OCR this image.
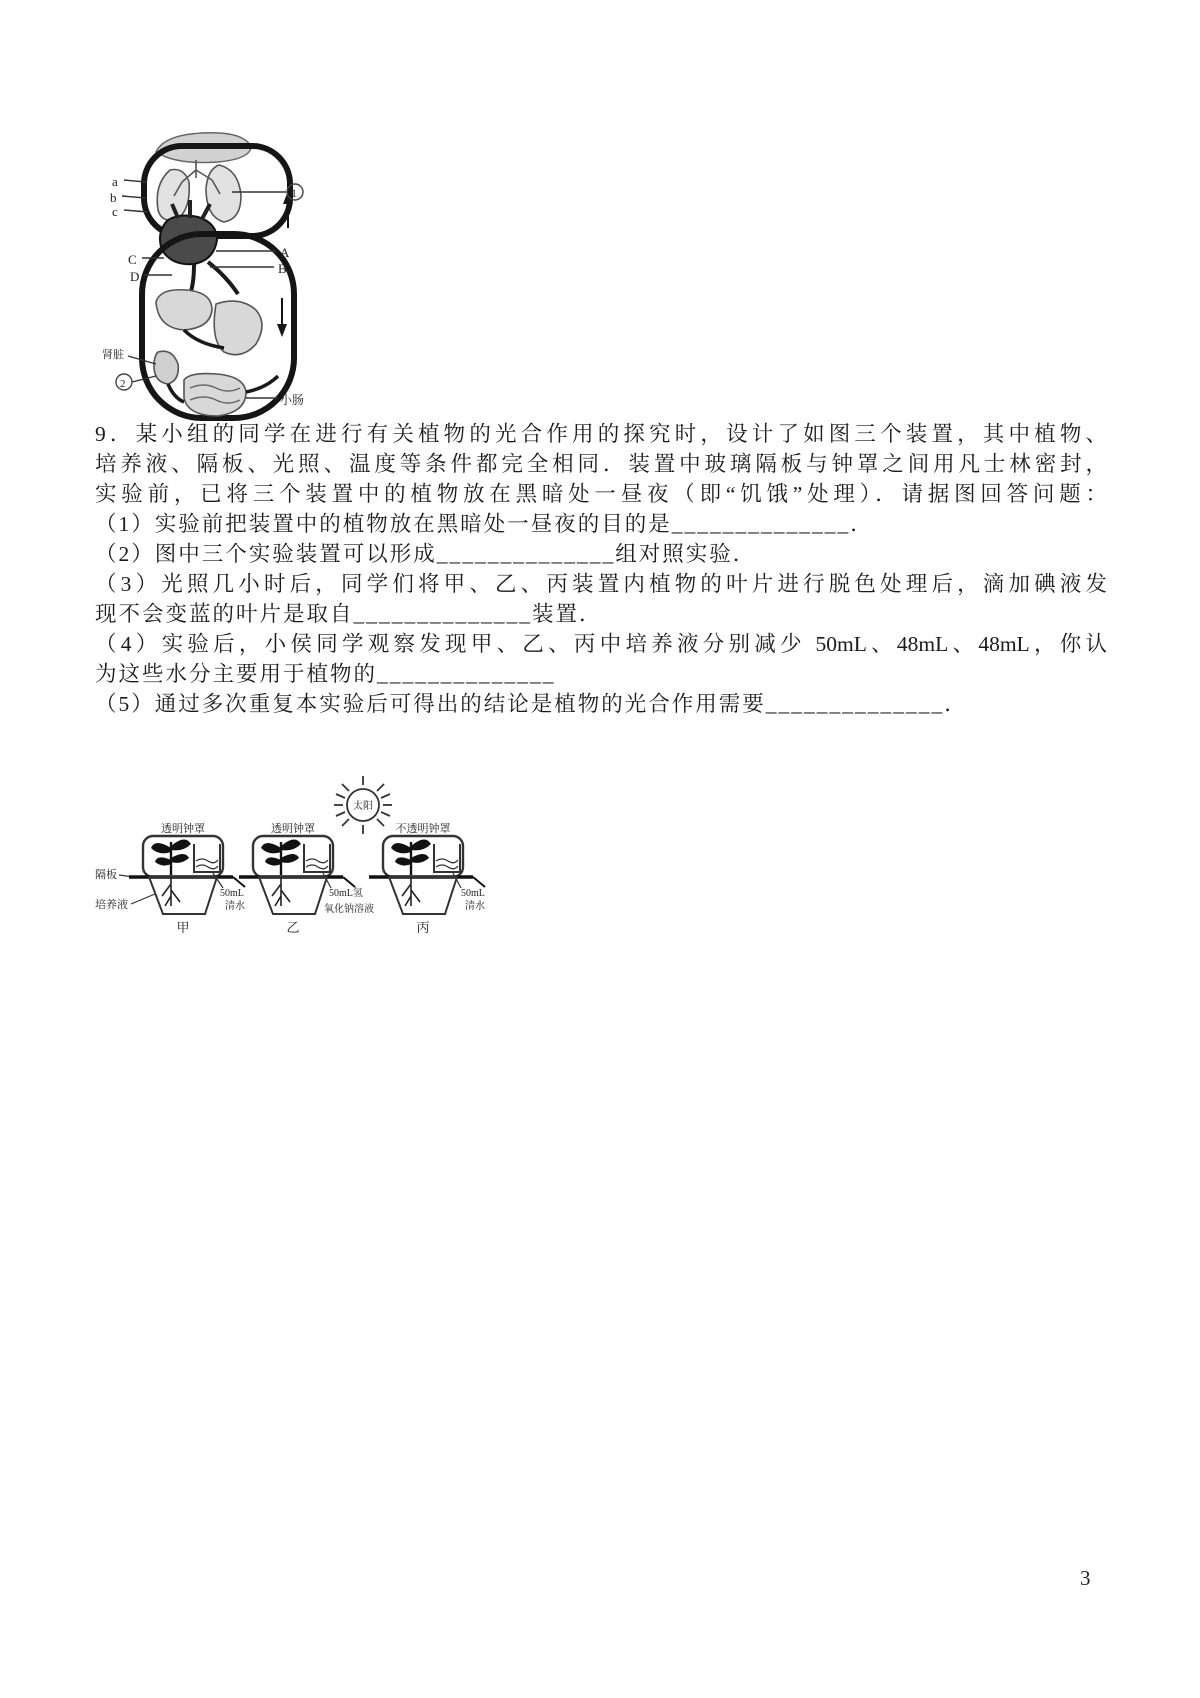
a
b
c
1
A
B
C
D
肾脏
2
小肠
9．某小组的同学在进行有关植物的光合作用的探究时，设计了如图三个装置，其中植物、
培养液、隔板、光照、温度等条件都完全相同．装置中玻璃隔板与钟罩之间用凡士林密封，
实验前，已将三个装置中的植物放在黑暗处一昼夜（即“饥饿”处理）．请据图回答问题：
（1）实验前把装置中的植物放在黑暗处一昼夜的目的是______________．
（2）图中三个实验装置可以形成______________组对照实验．
（3）光照几小时后，同学们将甲、乙、丙装置内植物的叶片进行脱色处理后，滴加碘液发
现不会变蓝的叶片是取自______________装置．
（4）实验后，小侯同学观察发现甲、乙、丙中培养液分别减少 50mL、48mL、48mL，你认
为这些水分主要用于植物的______________
（5）通过多次重复本实验后可得出的结论是植物的光合作用需要______________．
太阳
隔板
培养液
透明钟罩
50mL
清水
甲
透明钟罩
50mL氢
氧化钠溶液
乙
不透明钟罩
50mL
清水
丙
3
